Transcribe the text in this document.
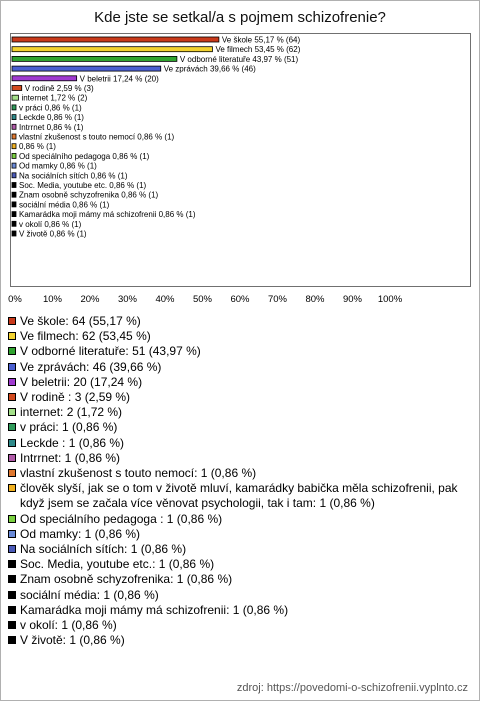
Kde jste se setkal/a s pojmem schizofrenie?
Ve škole 55,17 % (64)
Ve filmech 53,45 % (62)
V odborné literatuře 43,97 % (51)
Ve zprávách 39,66 % (46)
V beletrii 17,24 % (20)
V rodině 2,59 % (3)
internet 1,72 % (2)
v práci 0,86 % (1)
Leckde 0,86 % (1)
Intrrnet 0,86 % (1)
vlastní zkušenost s touto nemocí 0,86 % (1)
0,86 % (1)
Od speciálního pedagoga 0,86 % (1)
Od mamky 0,86 % (1)
Na sociálních sítích 0,86 % (1)
Soc. Media, youtube etc. 0,86 % (1)
Znam osobně schyzofrenika 0,86 % (1)
sociální média 0,86 % (1)
Kamarádka moji mámy má schizofrenii 0,86 % (1)
v okolí 0,86 % (1)
V životě 0,86 % (1)
0% 10% 20% 30% 40% 50% 60% 70% 80% 90% 100%
Ve škole: 64 (55,17 %)
Ve filmech: 62 (53,45 %)
V odborné literatuře: 51 (43,97 %)
Ve zprávách: 46 (39,66 %)
V beletrii: 20 (17,24 %)
V rodině : 3 (2,59 %)
internet: 2 (1,72 %)
v práci: 1 (0,86 %)
Leckde : 1 (0,86 %)
Intrrnet: 1 (0,86 %)
vlastní zkušenost s touto nemocí: 1 (0,86 %)
člověk slyší, jak se o tom v životě mluví, kamarádky babička měla schizofrenii, pak když jsem se začala více věnovat psychologii, tak i tam: 1 (0,86 %)
Od speciálního pedagoga : 1 (0,86 %)
Od mamky: 1 (0,86 %)
Na sociálních sítích: 1 (0,86 %)
Soc. Media, youtube etc.: 1 (0,86 %)
Znam osobně schyzofrenika: 1 (0,86 %)
sociální média: 1 (0,86 %)
Kamarádka moji mámy má schizofrenii: 1 (0,86 %)
v okolí: 1 (0,86 %)
V životě: 1 (0,86 %)
zdroj: https://povedomi-o-schizofrenii.vyplnto.cz
